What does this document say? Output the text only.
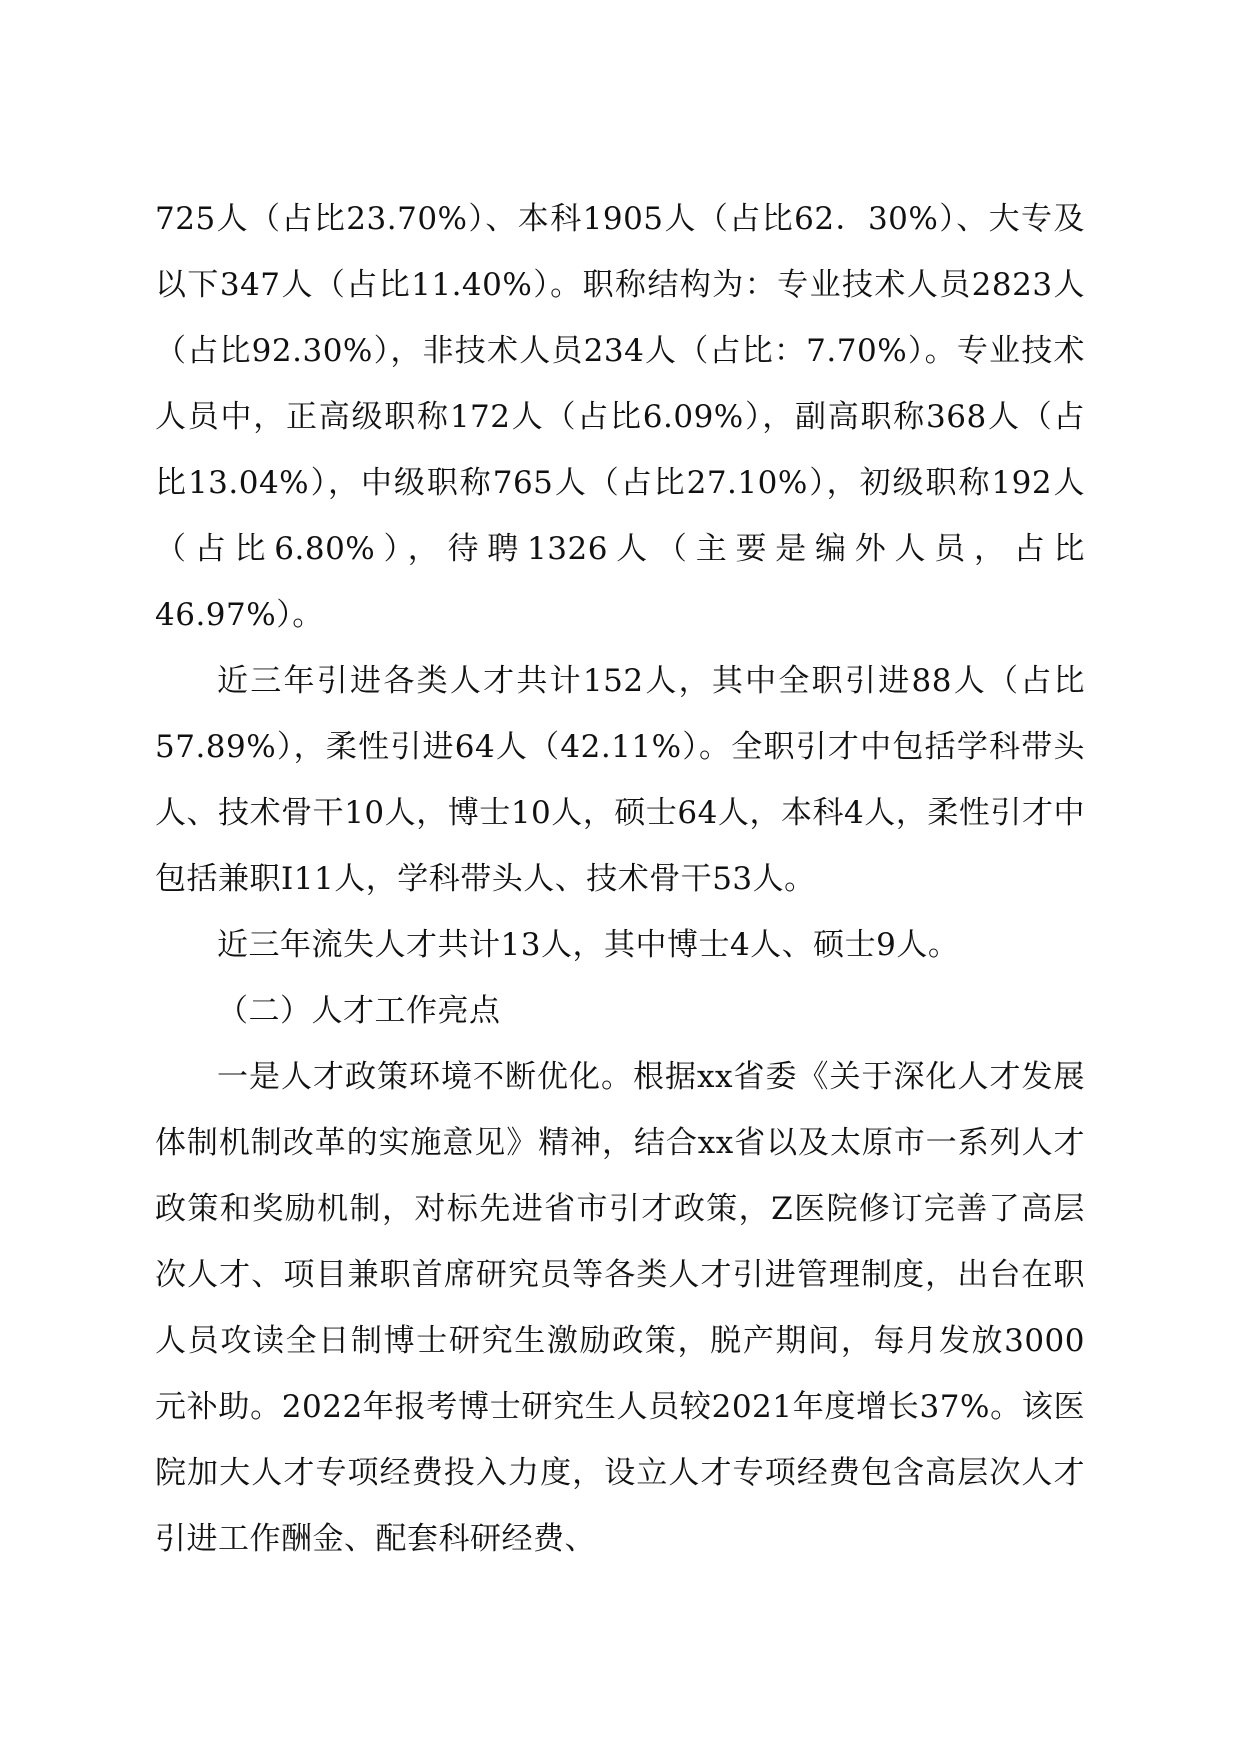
725人（占比23.70%）、本科1905人（占比62．30%）、大专及以下347人（占比11.40%）。职称结构为：专业技术人员2823人（占比92.30%），非技术人员234人（占比：7.70%）。专业技术人员中，正高级职称172人（占比6.09%），副高职称368人（占比13.04%），中级职称765人（占比27.10%），初级职称192人（占比6.80%），待聘1326人（主要是编外人员，占比46.97%）。

近三年引进各类人才共计152人，其中全职引进88人（占比57.89%），柔性引进64人（42.11%）。全职引才中包括学科带头人、技术骨干10人，博士10人，硕士64人，本科4人，柔性引才中包括兼职I11人，学科带头人、技术骨干53人。

近三年流失人才共计13人，其中博士4人、硕士9人。

（二）人才工作亮点

一是人才政策环境不断优化。根据xx省委《关于深化人才发展体制机制改革的实施意见》精神，结合xx省以及太原市一系列人才政策和奖励机制，对标先进省市引才政策，Z医院修订完善了高层次人才、项目兼职首席研究员等各类人才引进管理制度，出台在职人员攻读全日制博士研究生激励政策，脱产期间，每月发放3000元补助。2022年报考博士研究生人员较2021年度增长37%。该医院加大人才专项经费投入力度，设立人才专项经费包含高层次人才引进工作酬金、配套科研经费、
